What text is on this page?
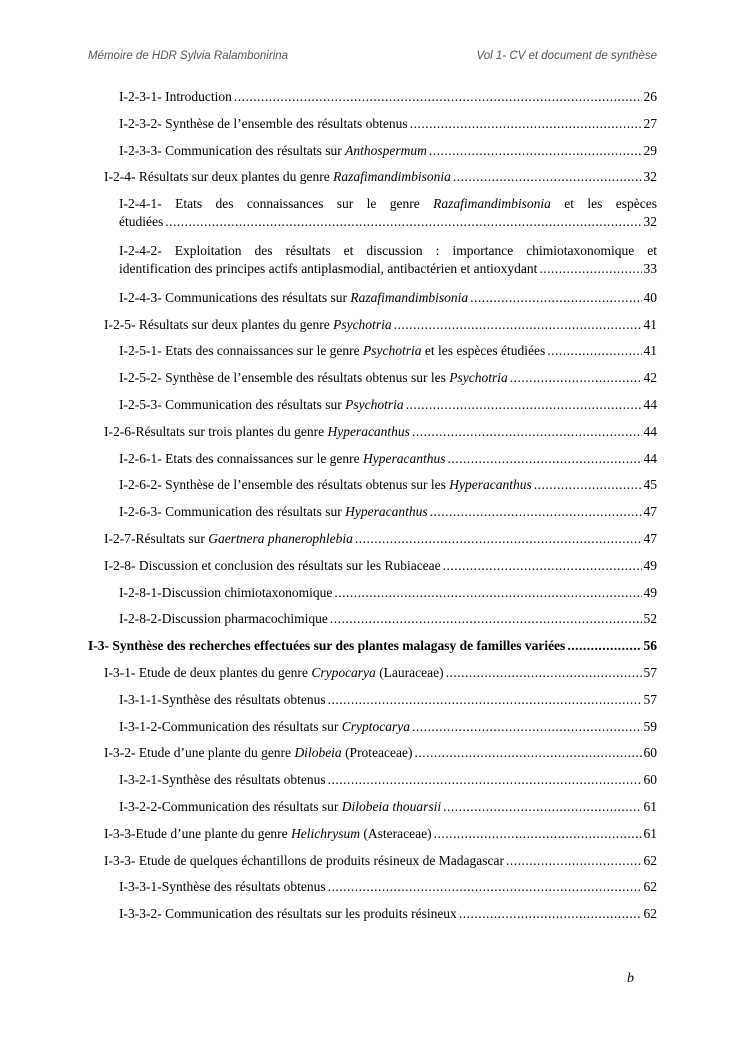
Mémoire de HDR Sylvia Ralambonirina	Vol 1- CV et document de synthèse
I-2-3-1- Introduction .....	26
I-2-3-2- Synthèse de l’ensemble des résultats obtenus .....	27
I-2-3-3- Communication des résultats sur Anthospermum .....	29
I-2-4- Résultats sur deux plantes du genre Razafimandimbisonia .....	32
I-2-4-1- Etats des connaissances sur le genre Razafimandimbisonia et les espèces
étudiées .....	32
I-2-4-2- Exploitation des résultats et discussion : importance chimiotaxonomique et
identification des principes actifs antiplasmodial, antibactérien et antioxydant .....	33
I-2-4-3- Communications des résultats sur Razafimandimbisonia .....	40
I-2-5- Résultats sur deux plantes du genre Psychotria .....	41
I-2-5-1- Etats des connaissances sur le genre Psychotria et les espèces étudiées .....	41
I-2-5-2- Synthèse de l’ensemble des résultats obtenus sur les Psychotria .....	42
I-2-5-3- Communication des résultats sur Psychotria .....	44
I-2-6-Résultats sur trois plantes du genre Hyperacanthus .....	44
I-2-6-1- Etats des connaissances sur le genre Hyperacanthus .....	44
I-2-6-2- Synthèse de l’ensemble des résultats obtenus sur les Hyperacanthus .....	45
I-2-6-3- Communication des résultats sur Hyperacanthus .....	47
I-2-7-Résultats sur Gaertnera phanerophlebia .....	47
I-2-8- Discussion et conclusion des résultats sur les Rubiaceae .....	49
I-2-8-1-Discussion chimiotaxonomique .....	49
I-2-8-2-Discussion pharmacochimique .....	52
I-3- Synthèse des recherches effectuées sur des plantes malagasy de familles variées .....	56
I-3-1- Etude de deux plantes du genre Crypocarya (Lauraceae) .....	57
I-3-1-1-Synthèse des résultats obtenus .....	57
I-3-1-2-Communication des résultats sur Cryptocarya .....	59
I-3-2- Etude d’une plante du genre Dilobeia (Proteaceae) .....	60
I-3-2-1-Synthèse des résultats obtenus .....	60
I-3-2-2-Communication des résultats sur Dilobeia thouarsii .....	61
I-3-3-Etude d’une plante du genre Helichrysum (Asteraceae) .....	61
I-3-3- Etude de quelques échantillons de produits résineux de Madagascar .....	62
I-3-3-1-Synthèse des résultats obtenus .....	62
I-3-3-2- Communication des résultats sur les produits résineux .....	62
b
